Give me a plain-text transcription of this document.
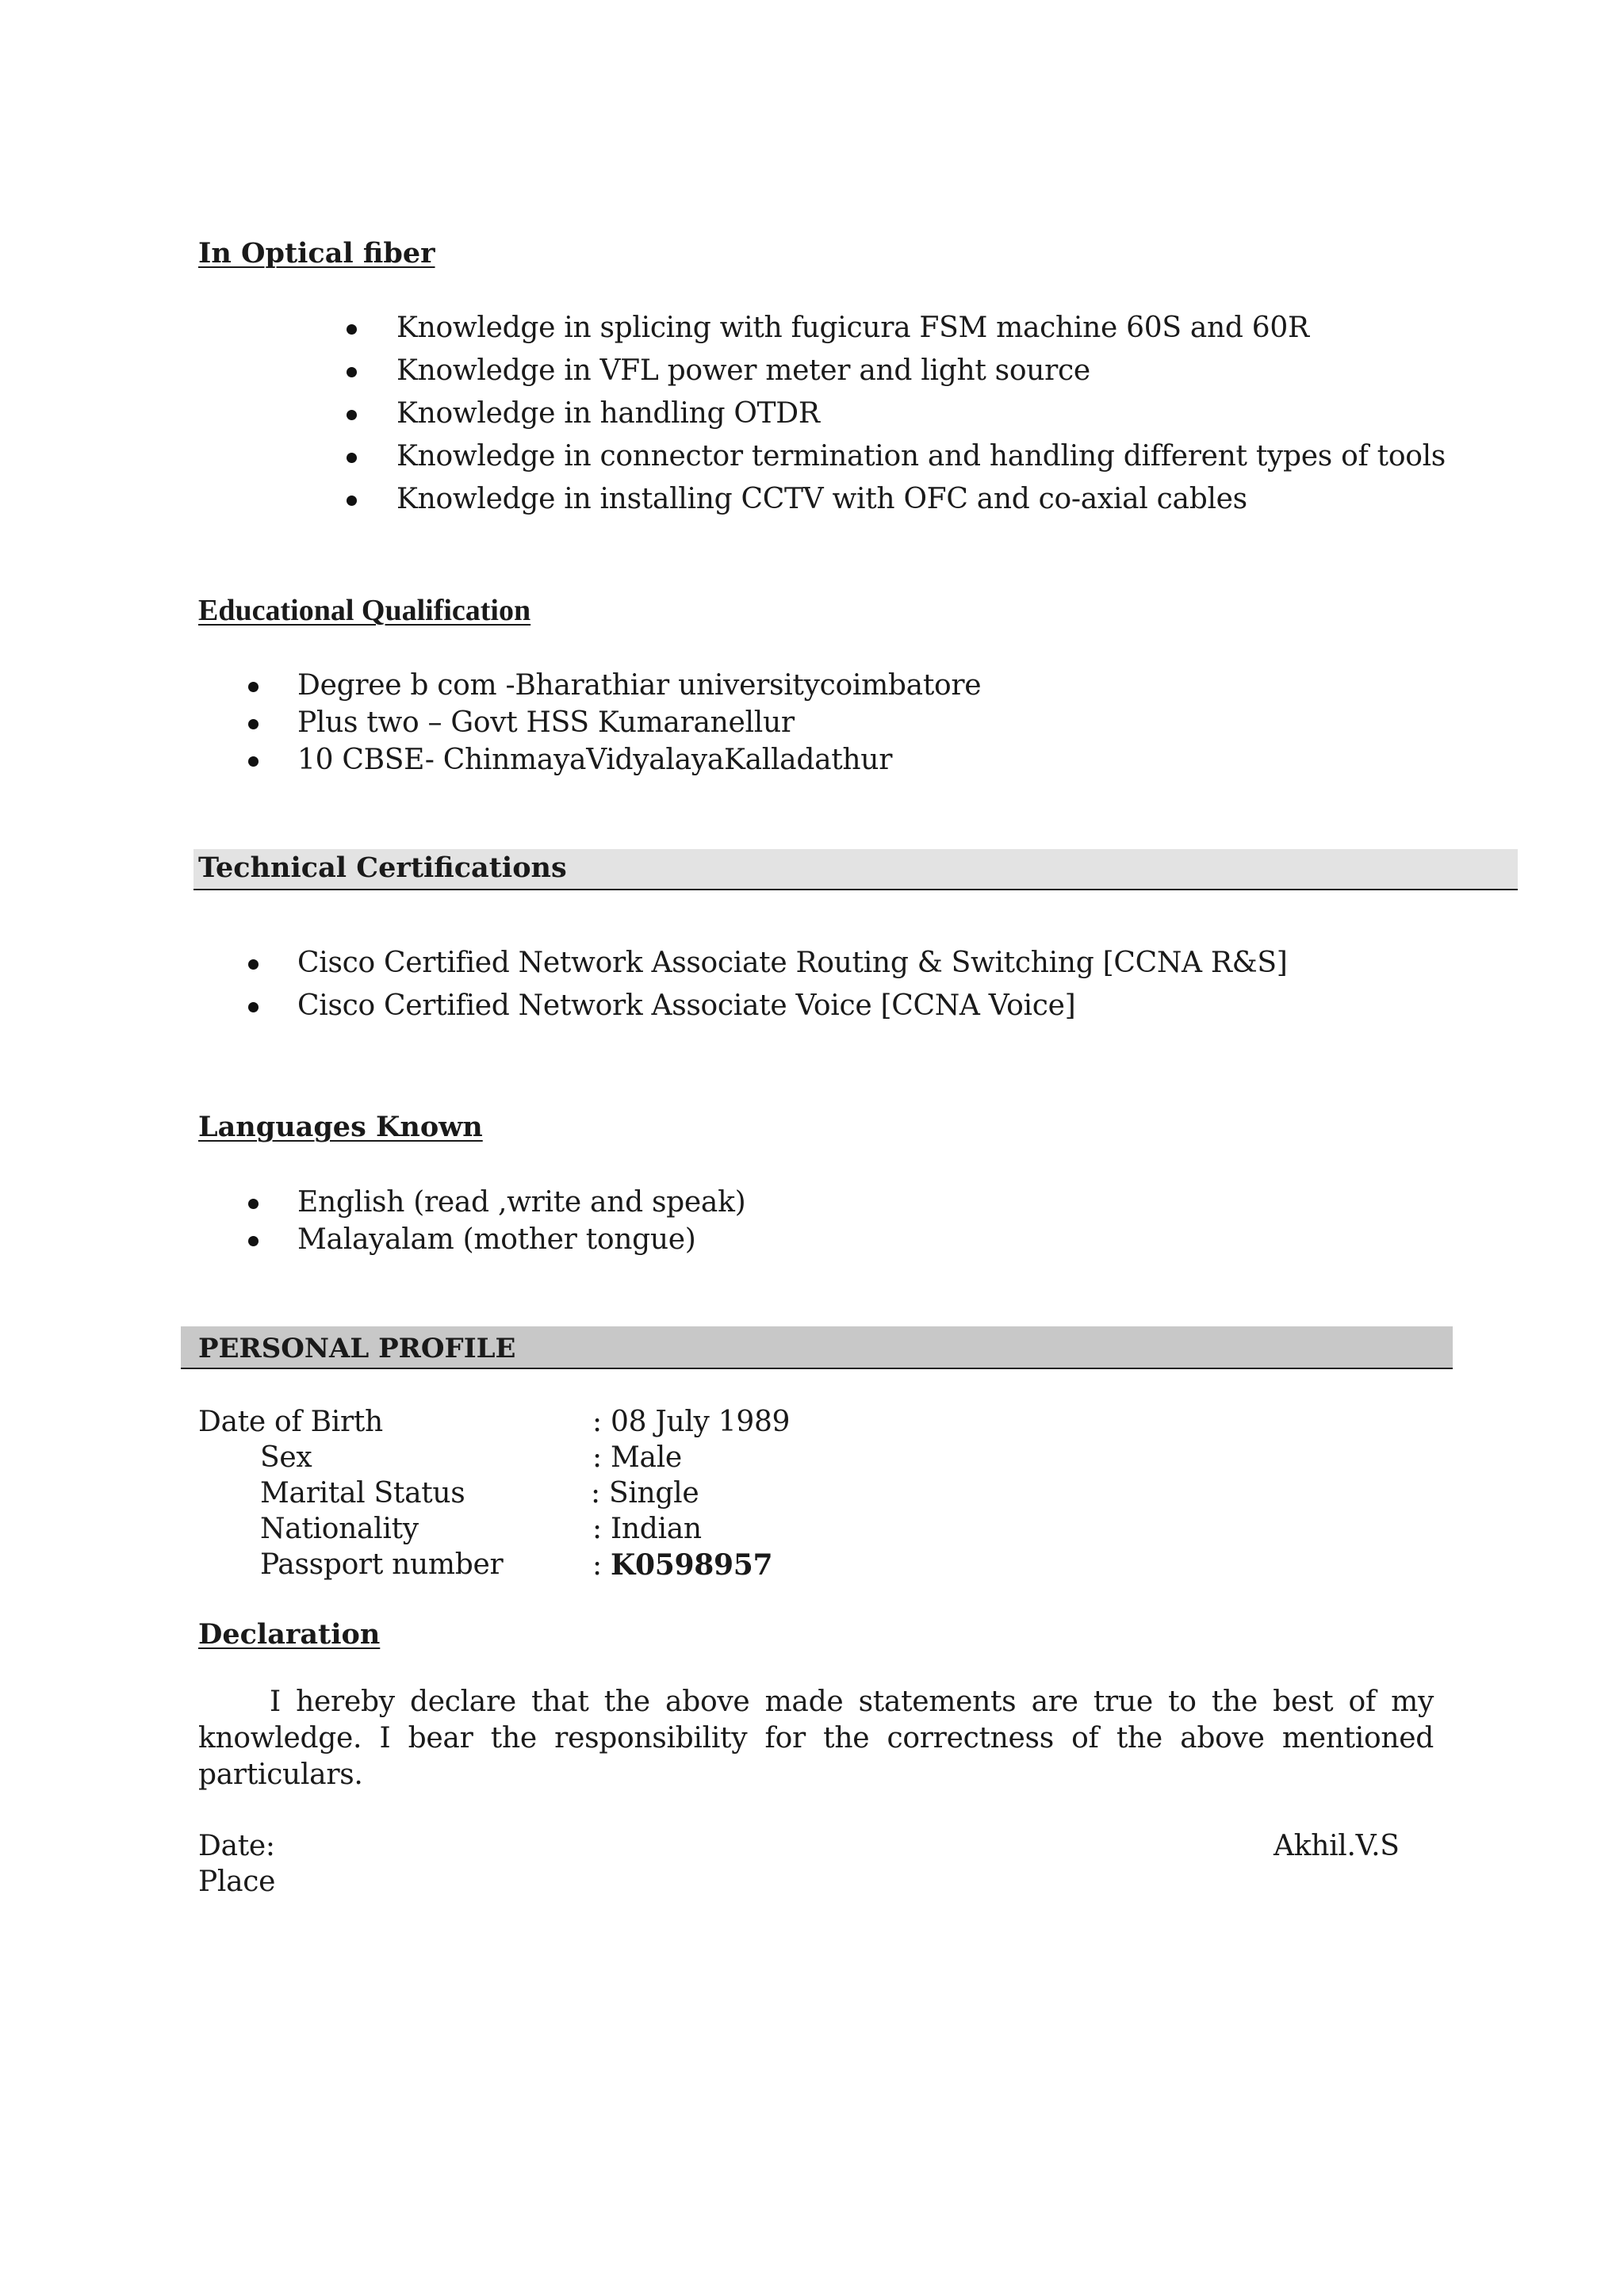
In Optical fiber
Knowledge in splicing with fugicura FSM machine 60S and 60R
Knowledge in VFL power meter and light source
Knowledge in handling OTDR
Knowledge in connector termination and handling different types of tools
Knowledge in installing CCTV with OFC and co-axial cables
Educational Qualification
Degree b com -Bharathiar universitycoimbatore
Plus two – Govt HSS Kumaranellur
10 CBSE- ChinmayaVidyalayaKalladathur
Technical Certifications
Cisco Certified Network Associate Routing & Switching [CCNA R&S]
Cisco Certified Network Associate Voice [CCNA Voice]
Languages Known
English (read ,write and speak)
Malayalam (mother tongue)
PERSONAL PROFILE
Date of Birth	: 08 July 1989
Sex	: Male
Marital Status	: Single
Nationality	: Indian
Passport number	: K0598957
Declaration
I hereby declare that the above made statements are true to the best of my knowledge. I bear the responsibility for the correctness of the above mentioned particulars.
Date:
Place
Akhil.V.S
